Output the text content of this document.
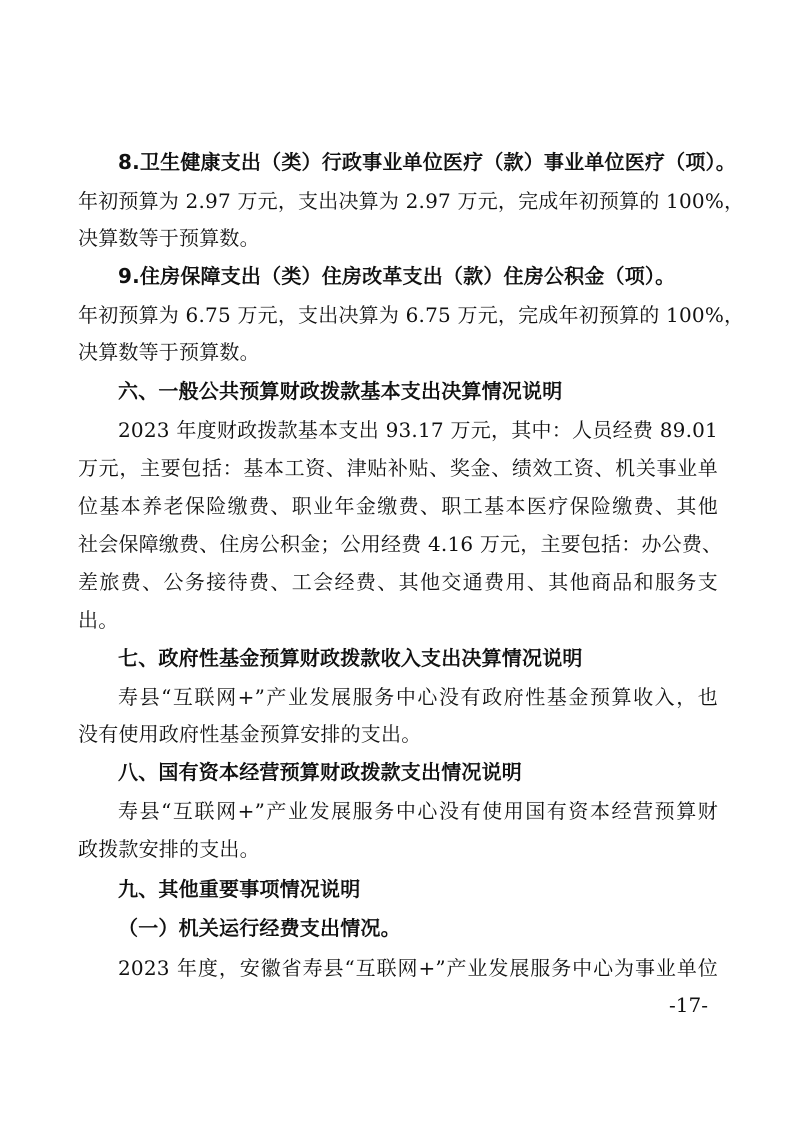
8.卫生健康支出（类）行政事业单位医疗（款）事业单位医疗（项）。
年初预算为 2.97 万元，支出决算为 2.97 万元，完成年初预算的 100%，
决算数等于预算数。
9.住房保障支出（类）住房改革支出（款）住房公积金（项）。
年初预算为 6.75 万元，支出决算为 6.75 万元，完成年初预算的 100%，
决算数等于预算数。
六、一般公共预算财政拨款基本支出决算情况说明
2023 年度财政拨款基本支出 93.17 万元，其中：人员经费 89.01
万元，主要包括：基本工资、津贴补贴、奖金、绩效工资、机关事业单
位基本养老保险缴费、职业年金缴费、职工基本医疗保险缴费、其他
社会保障缴费、住房公积金；公用经费 4.16 万元，主要包括：办公费、
差旅费、公务接待费、工会经费、其他交通费用、其他商品和服务支
出。
七、政府性基金预算财政拨款收入支出决算情况说明
寿县“互联网+”产业发展服务中心没有政府性基金预算收入，也
没有使用政府性基金预算安排的支出。
八、国有资本经营预算财政拨款支出情况说明
寿县“互联网+”产业发展服务中心没有使用国有资本经营预算财
政拨款安排的支出。
九、其他重要事项情况说明
（一）机关运行经费支出情况。
2023 年度，安徽省寿县“互联网+”产业发展服务中心为事业单位
-17-
